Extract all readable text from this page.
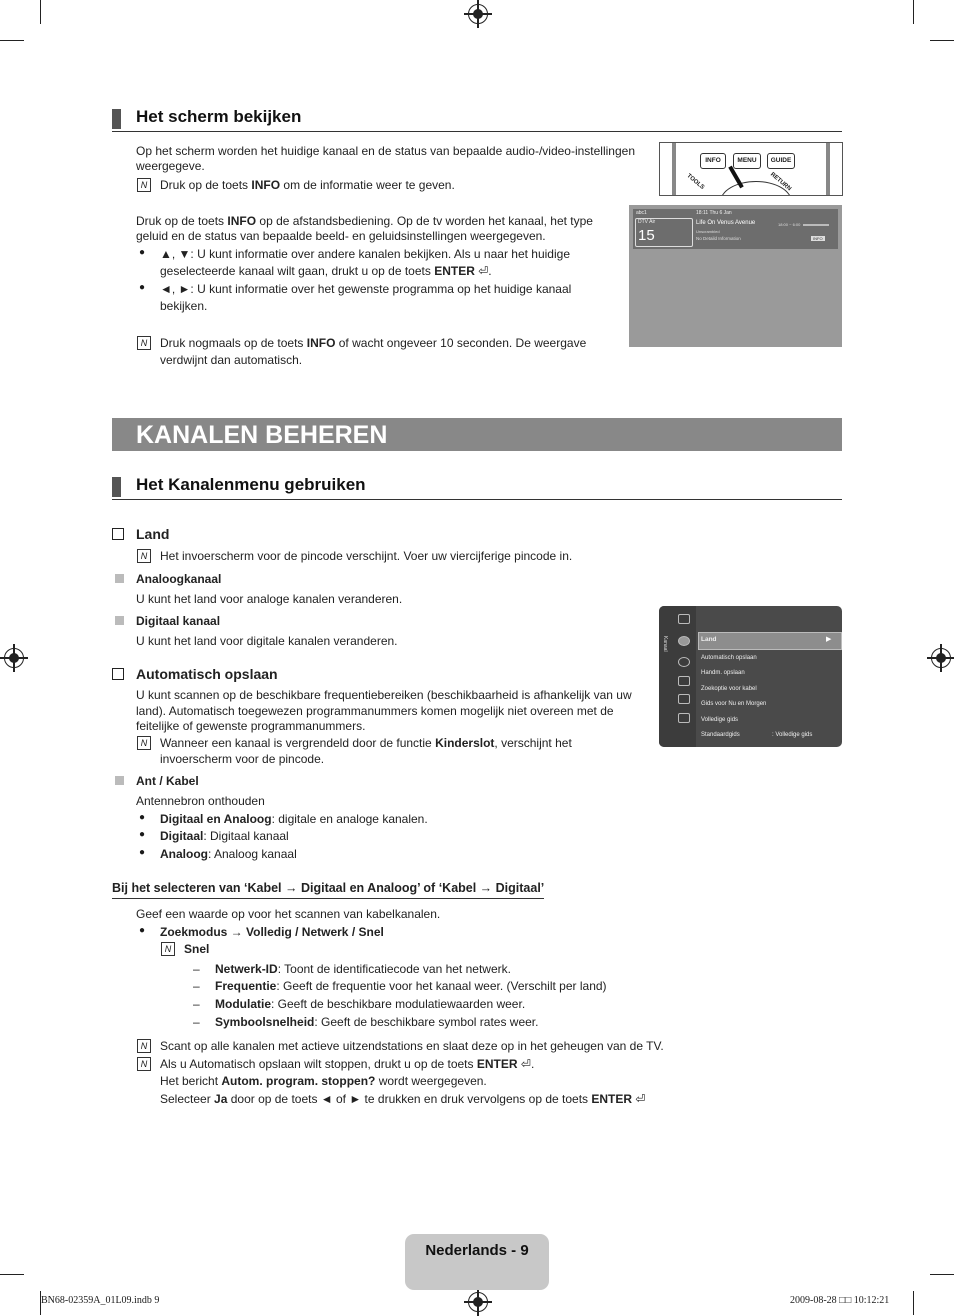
Het scherm bekijken
Op het scherm worden het huidige kanaal en de status van bepaalde audio-/video-instellingen
weergegeve.
N	Druk op de toets INFO om de informatie weer te geven.
Druk op de toets INFO op de afstandsbediening. Op de tv worden het kanaal, het type
geluid en de status van bepaalde beeld- en geluidsinstellingen weergegeven.
● ▲, ▼: U kunt informatie over andere kanalen bekijken. Als u naar het huidige
geselecteerde kanaal wilt gaan, drukt u op de toets ENTER ⏎.
● ◄, ►: U kunt informatie over het gewenste programma op het huidige kanaal
bekijken.
N	Druk nogmaals op de toets INFO of wacht ongeveer 10 seconden. De weergave
verdwijnt dan automatisch.
INFO	MENU	GUIDE
TOOLS	RETURN
abc1
DTV Air
15
18:11 Thu 6 Jan
Life On Venus Avenue
Unscrambled
No Detaild Information
18:00 ~ 6:00
INFO
KANALEN BEHEREN
Het Kanalenmenu gebruiken
Land
N	Het invoerscherm voor de pincode verschijnt. Voer uw viercijferige pincode in.
Analoogkanaal
U kunt het land voor analoge kanalen veranderen.
Digitaal kanaal
U kunt het land voor digitale kanalen veranderen.
Automatisch opslaan
U kunt scannen op de beschikbare frequentiebereiken (beschikbaarheid is afhankelijk van uw
land). Automatisch toegewezen programmanummers komen mogelijk niet overeen met de
feitelijke of gewenste programmanummers.
N	Wanneer een kanaal is vergrendeld door de functie Kinderslot, verschijnt het
invoerscherm voor de pincode.
Ant / Kabel
Antennebron onthouden
● Digitaal en Analoog: digitale en analoge kanalen.
● Digitaal: Digitaal kanaal
● Analoog: Analoog kanaal
Bij het selecteren van ‘Kabel → Digitaal en Analoog’ of ‘Kabel → Digitaal’
Geef een waarde op voor het scannen van kabelkanalen.
● Zoekmodus → Volledig / Netwerk / Snel
N	Snel
– Netwerk-ID: Toont de identificatiecode van het netwerk.
– Frequentie: Geeft de frequentie voor het kanaal weer. (Verschilt per land)
– Modulatie: Geeft de beschikbare modulatiewaarden weer.
– Symboolsnelheid: Geeft de beschikbare symbol rates weer.
N	Scant op alle kanalen met actieve uitzendstations en slaat deze op in het geheugen van de TV.
N	Als u Automatisch opslaan wilt stoppen, drukt u op de toets ENTER ⏎.
Het bericht Autom. program. stoppen? wordt weergegeven.
Selecteer Ja door op de toets ◄ of ► te drukken en druk vervolgens op de toets ENTER ⏎
Kanaal	Land	▶
Automatisch opslaan
Handm. opslaan
Zoekoptie voor kabel
Gids voor Nu en Morgen
Volledige gids
Standaardgids	: Volledige gids
Nederlands - 9
BN68-02359A_01L09.indb 9	2009-08-28 □□ 10:12:21
